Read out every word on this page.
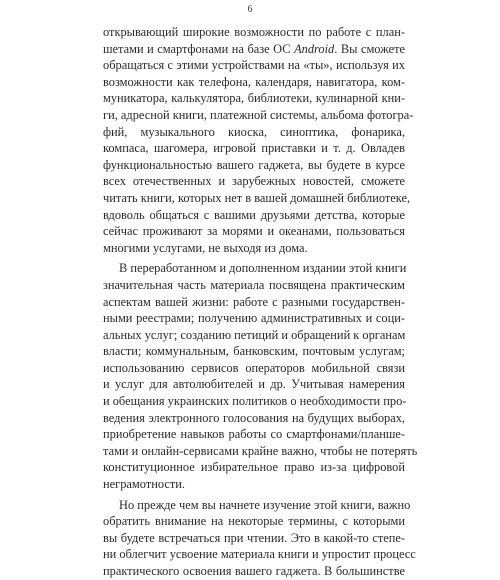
6
открывающий широкие возможности по работе с план-
шетами и смартфонами на базе ОС Android. Вы сможете
обращаться с этими устройствами на «ты», используя их
возможности как телефона, календаря, навигатора, ком-
муникатора, калькулятора, библиотеки, кулинарной кни-
ги, адресной книги, платежной системы, альбома фотогра-
фий, музыкального киоска, синоптика, фонарика,
компаса, шагомера, игровой приставки и т. д. Овладев
функциональностью вашего гаджета, вы будете в курсе
всех отечественных и зарубежных новостей, сможете
читать книги, которых нет в вашей домашней библиотеке,
вдоволь общаться с вашими друзьями детства, которые
сейчас проживают за морями и океанами, пользоваться
многими услугами, не выходя из дома.
В переработанном и дополненном издании этой книги
значительная часть материала посвящена практическим
аспектам вашей жизни: работе с разными государствен-
ными реестрами; получению административных и соци-
альных услуг; созданию петиций и обращений к органам
власти; коммунальным, банковским, почтовым услугам;
использованию сервисов операторов мобильной связи
и услуг для автолюбителей и др. Учитывая намерения
и обещания украинских политиков о необходимости про-
ведения электронного голосования на будущих выборах,
приобретение навыков работы со смартфонами/планше-
тами и онлайн-сервисами крайне важно, чтобы не потерять
конституционное избирательное право из-за цифровой
неграмотности.
Но прежде чем вы начнете изучение этой книги, важно
обратить внимание на некоторые термины, с которыми
вы будете встречаться при чтении. Это в какой-то степе-
ни облегчит усвоение материала книги и упростит процесс
практического освоения вашего гаджета. В большинстве
